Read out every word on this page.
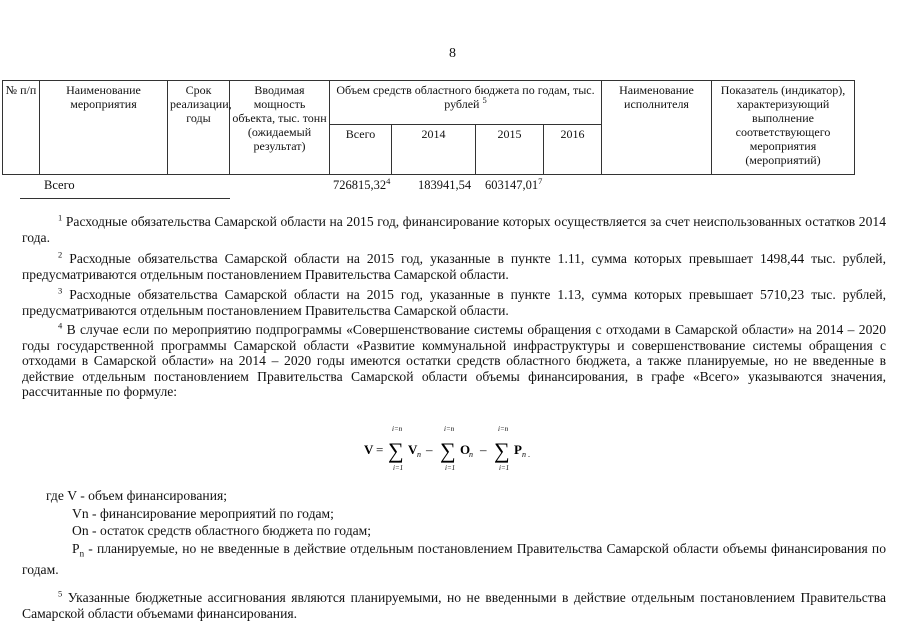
8
№ п/п	Наименование мероприятия	Срок реализации, годы	Вводимая мощность объекта, тыс. тонн (ожидаемый результат)	Объем средств областного бюджета по годам, тыс. рублей $^5$				Наименование исполнителя	Показатель (индикатор), характеризующий выполнение соответствующего мероприятия (мероприятий)
				Всего	2014	2015	2016		
Всего	726815,32$^4$ 183941,54 603147,01$^7$
$^1$ Расходные обязательства Самарской области на 2015 год, финансирование которых осуществляется за счет неиспользованных остатков 2014 года.
$^2$ Расходные обязательства Самарской области на 2015 год, указанные в пункте 1.11, сумма которых превышает 1498,44 тыс. рублей, предусматриваются отдельным постановлением Правительства Самарской области.
$^3$ Расходные обязательства Самарской области на 2015 год, указанные в пункте 1.13, сумма которых превышает 5710,23 тыс. рублей, предусматриваются отдельным постановлением Правительства Самарской области.
$^4$ В случае если по мероприятию подпрограммы «Совершенствование системы обращения с отходами в Самарской области» на 2014 – 2020 годы государственной программы Самарской области «Развитие коммунальной инфраструктуры и совершенствование системы обращения с отходами в Самарской области» на 2014 – 2020 годы имеются остатки средств областного бюджета, а также планируемые, но не введенные в действие отдельным постановлением Правительства Самарской области объемы финансирования, в графе «Всего» указываются значения, рассчитанные по формуле:
V =
i=n
∑
i=1
V n –
i=n
∑
i=1
O
n –
i=n
∑
i=1
P n .
где V - объем финансирования;
Vn - финансирование мероприятий по годам;
On - остаток средств областного бюджета по годам;
$P_n$ - планируемые, но не введенные в действие отдельным постановлением Правительства Самарской области объемы финансирования по годам.
$^5$ Указанные бюджетные ассигнования являются планируемыми, но не введенными в действие отдельным постановлением Правительства Самарской области объемами финансирования.
